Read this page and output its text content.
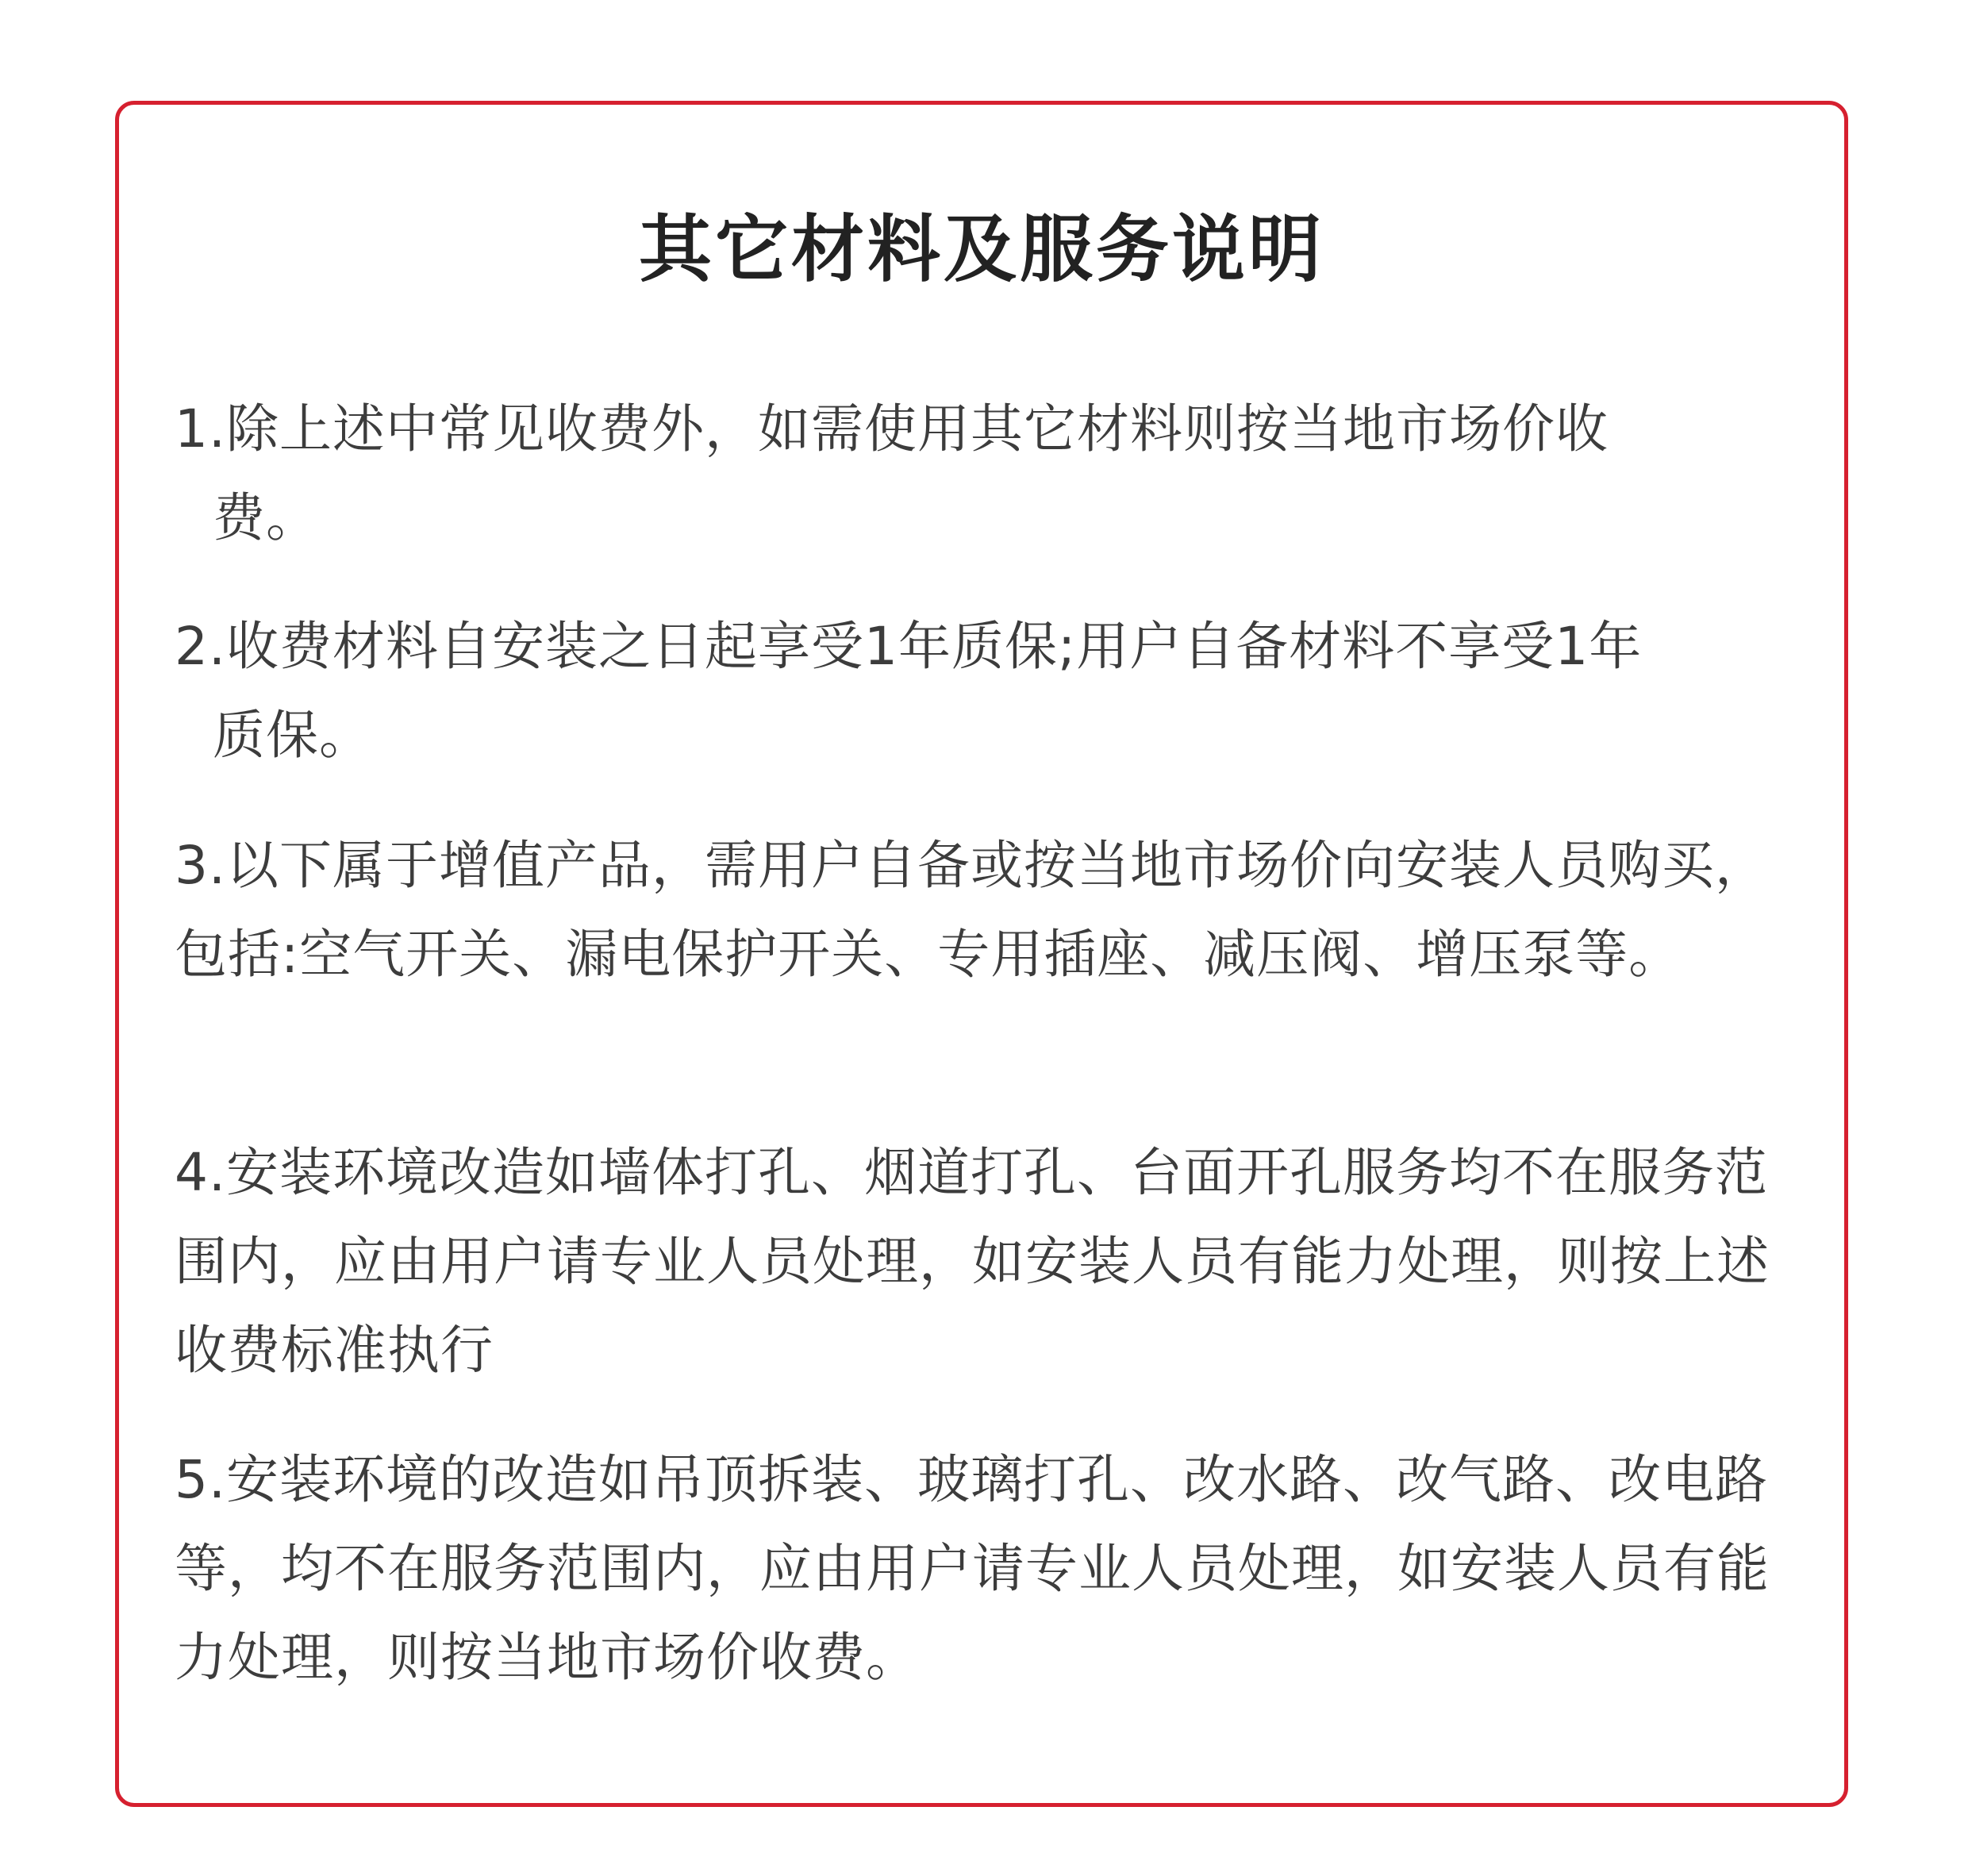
其它材料及服务说明
1.除上述中常见收费外，如需使用其它材料则按当地市场价收
费。
2.收费材料自安装之日起享受1年质保;用户自备材料不享受1年
质保。
3.以下属于增值产品，需用户自备或按当地市场价向安装人员购买，包括:空气开关、漏电保护开关、专用插座、减压阀、增压泵等。
4.安装环境改造如墙体打孔、烟道打孔、台面开孔服务均不在服务范围内，应由用户请专业人员处理，如安装人员有能力处理，则按上述收费标准执行
5.安装环境的改造如吊顶拆装、玻璃打孔、改水路、改气路、改电路等，均不在服务范围内，应由用户请专业人员处理，如安装人员有能力处理，则按当地市场价收费。
